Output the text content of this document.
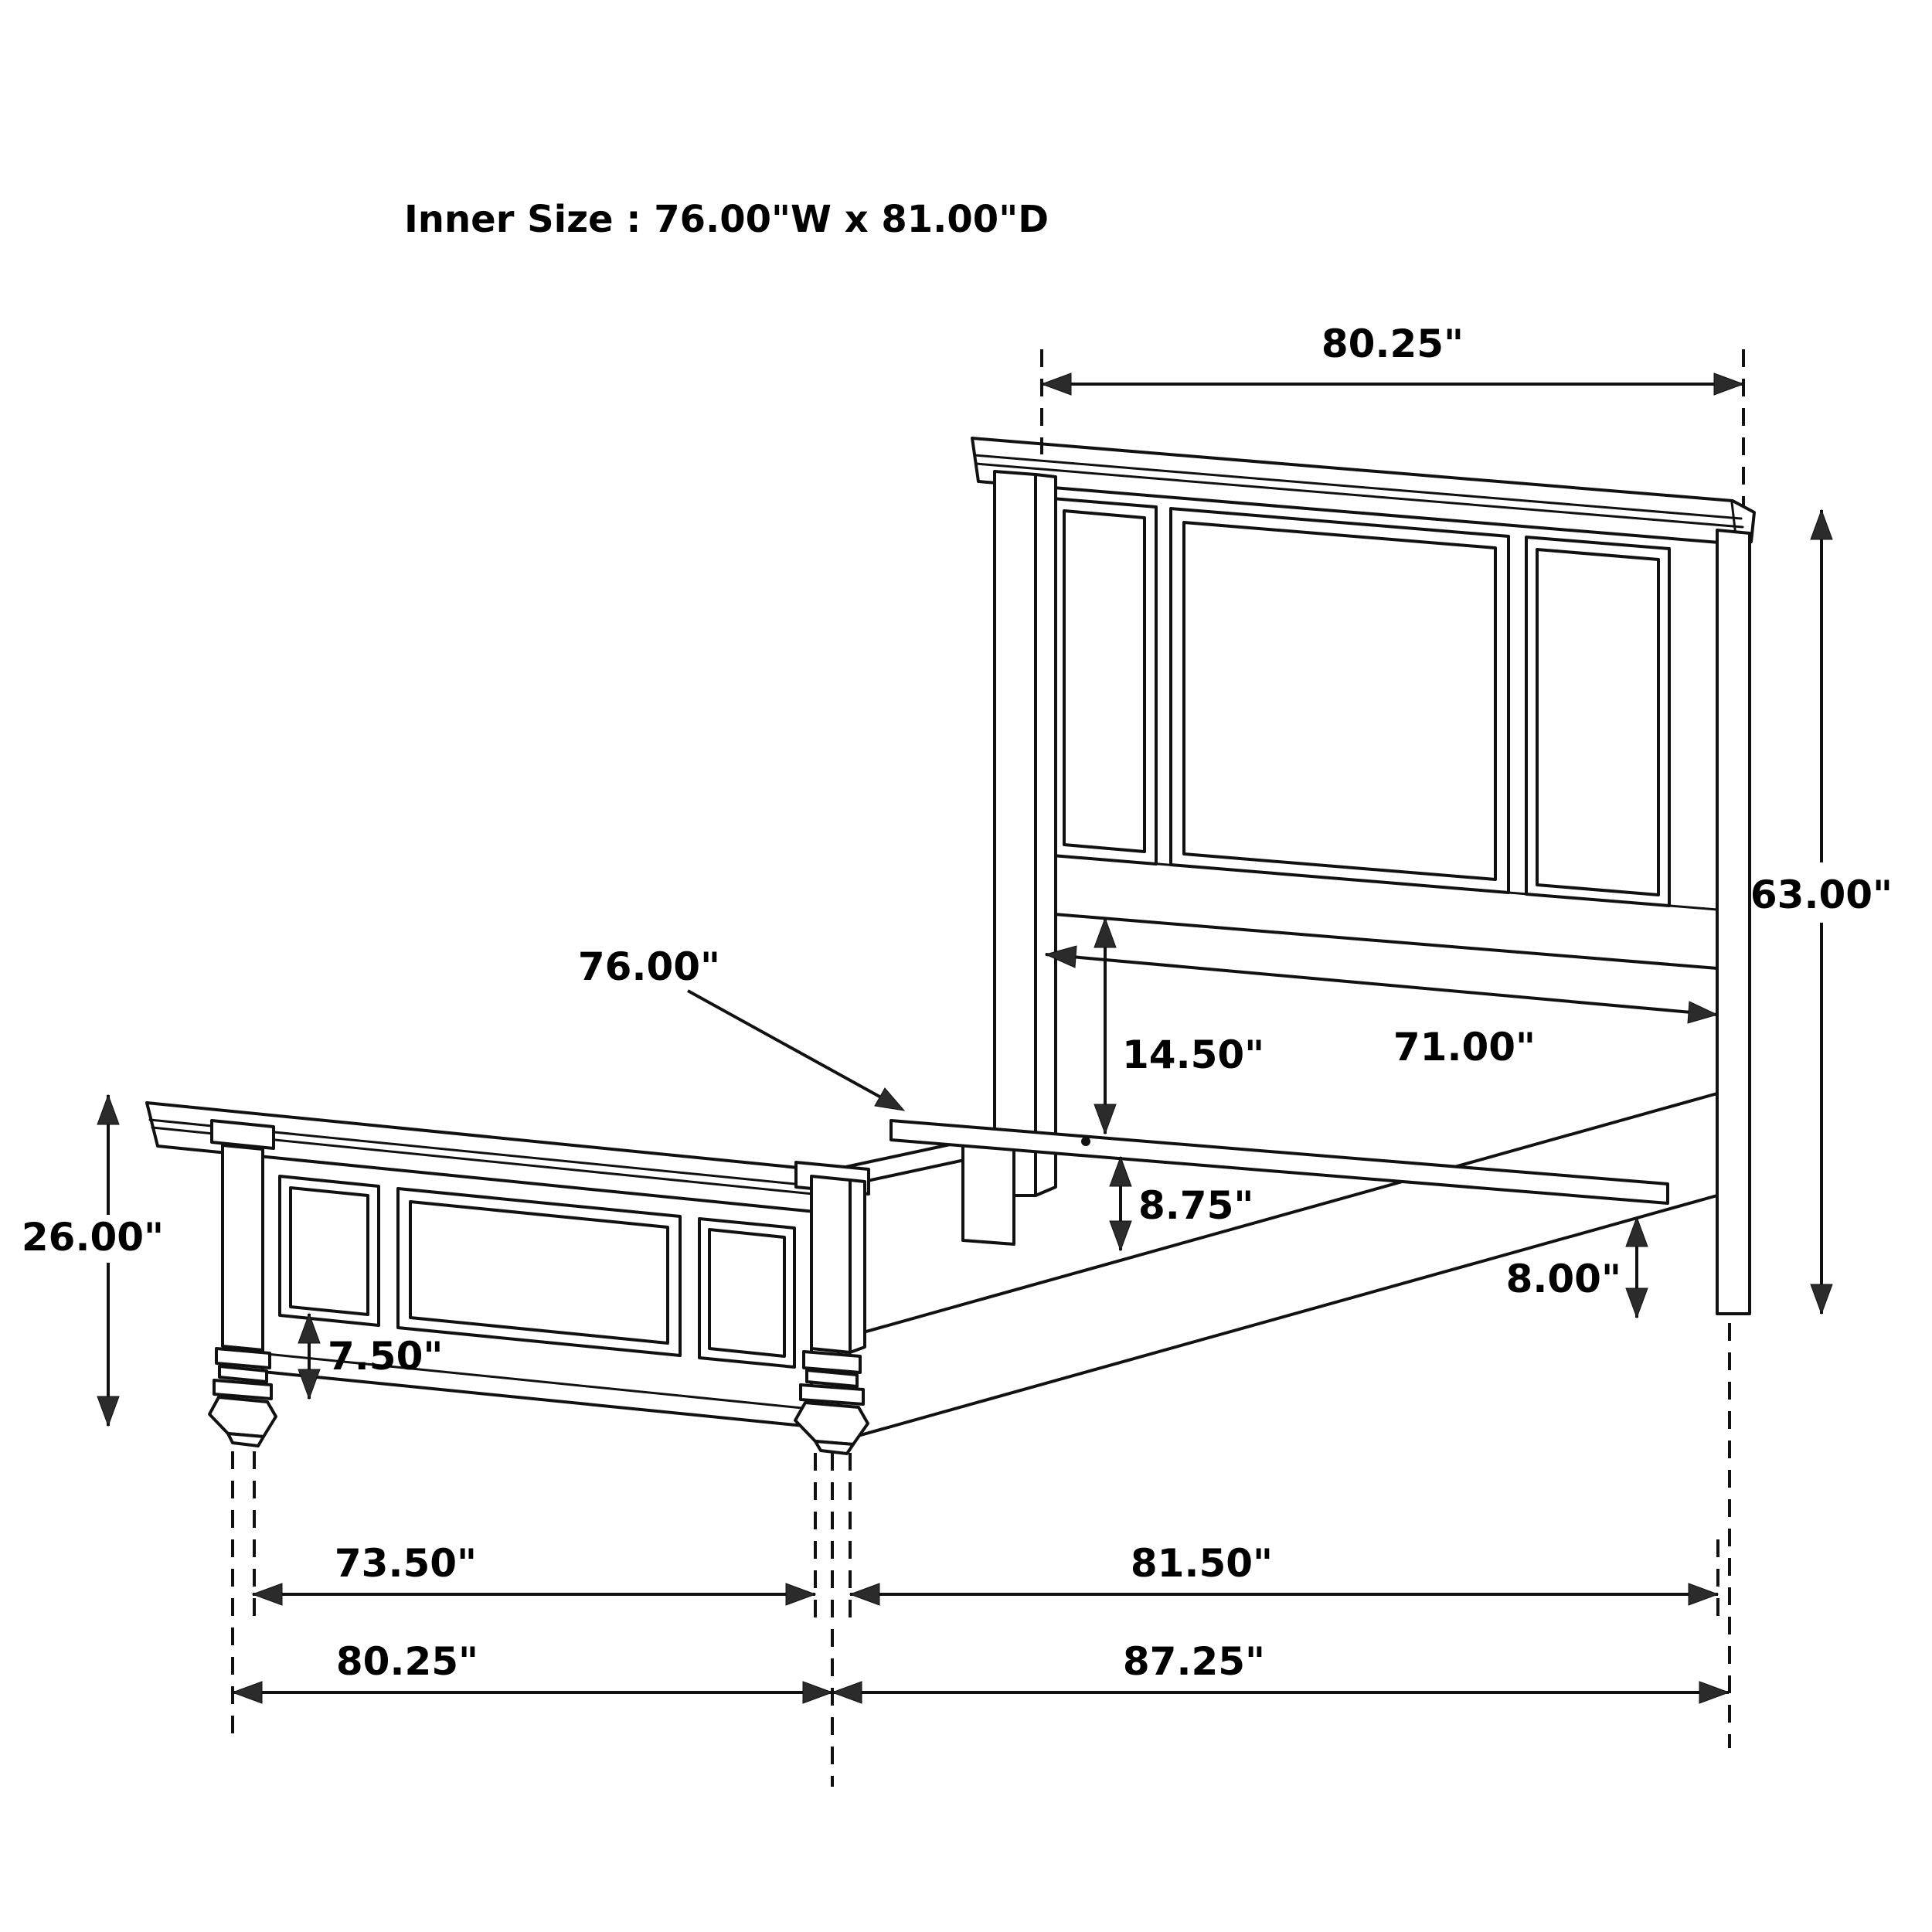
Inner Size : 76.00"W x 81.00"D
80.25"
63.00"
76.00"
14.50"	71.00"
8.75"
8.00"
26.00"
7.50"
73.50"	81.50"
80.25"	87.25"
